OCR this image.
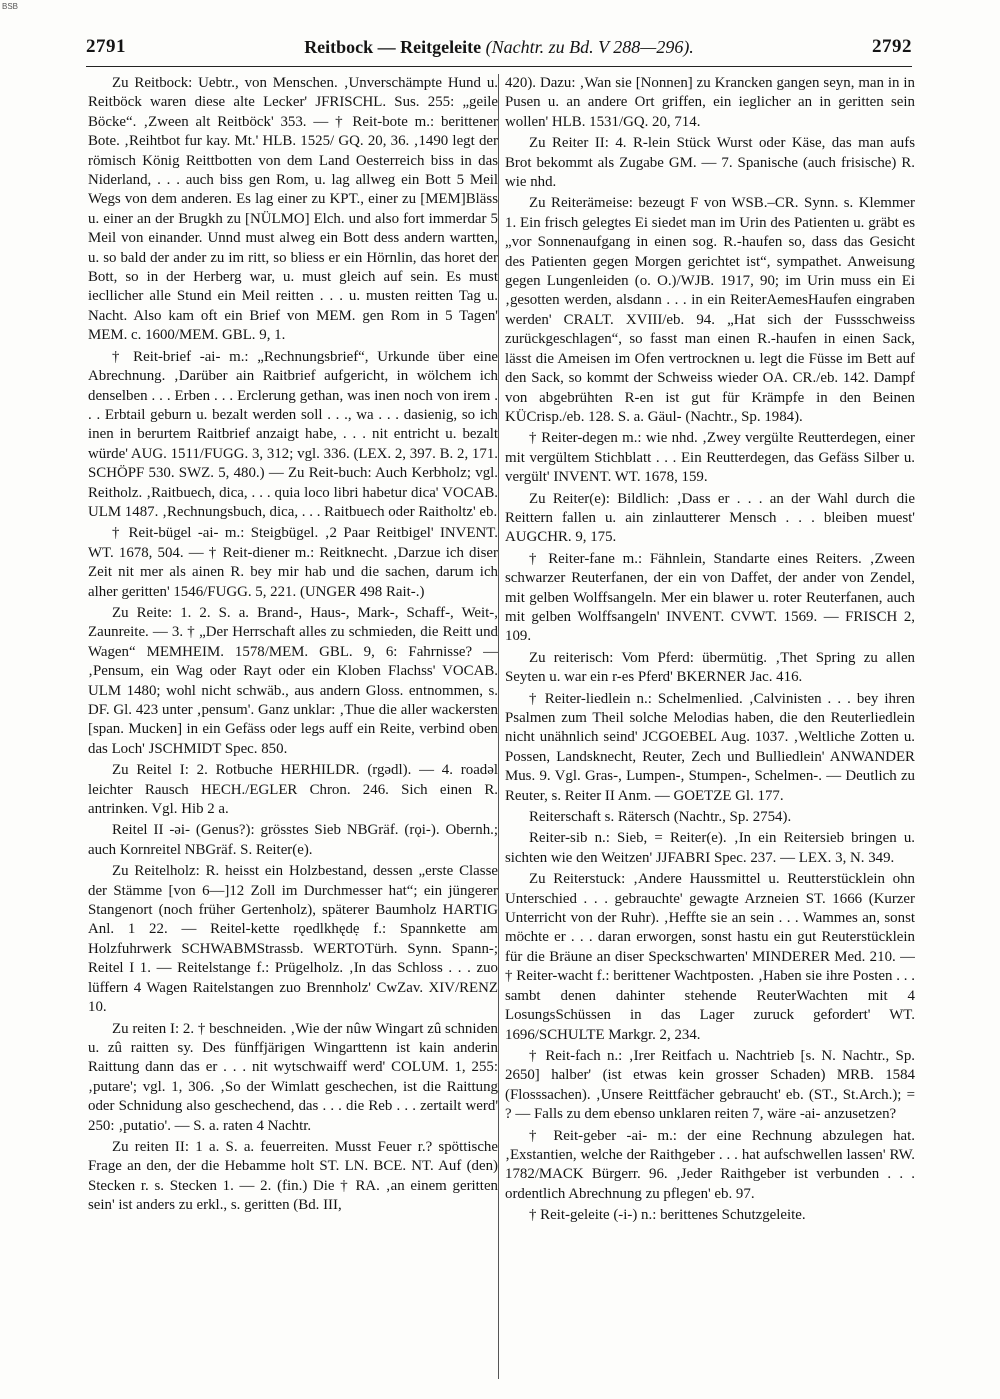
BSB
2791	Reitbock — Reitgeleite (Nachtr. zu Bd. V 288—296).	2792

Zu Reitbock: Uebtr., von Menschen. ‚Unverschämpte Hund u. Reitböck waren diese alte Lecker' JFRISCHL. Sus. 255: „geile Böcke“. ‚Zween alt Reitböck' 353. — † Reit-bote m.: berittener Bote. ‚Reihtbot fur kay. Mt.' HLB. 1525/ GQ. 20, 36. ‚1490 legt der römisch König Reittbotten von dem Land Oesterreich biss in das Niderland, . . . auch biss gen Rom, u. lag allweg ein Bott 5 Meil Wegs von dem anderen. Es lag einer zu KPT., einer zu [MEM]Bläss u. einer an der Brugkh zu [NÜLMO] Elch. und also fort immerdar 5 Meil von einander. Unnd must alweg ein Bott dess andern wartten, u. so bald der ander zu im ritt, so bliess er ein Hörnlin, das horet der Bott, so in der Herberg war, u. must gleich auf sein. Es must iecllicher alle Stund ein Meil reitten . . . u. musten reitten Tag u. Nacht. Also kam oft ein Brief von MEM. gen Rom in 5 Tagen' MEM. c. 1600/MEM. GBL. 9, 1.

† Reit-brief -ai- m.: „Rechnungsbrief“, Urkunde über eine Abrechnung. ‚Darüber ain Raitbrief aufgericht, in wölchem ich denselben . . . Erben . . . Erclerung gethan, was inen noch von irem . . . Erbtail geburn u. bezalt werden soll . . ., wa . . . dasienig, so ich inen in berurtem Raitbrief anzaigt habe, . . . nit entricht u. bezalt würde' AUG. 1511/FUGG. 3, 312; vgl. 336. (LEX. 2, 397. B. 2, 171. SCHÖPF 530. SWZ. 5, 480.) — Zu Reit-buch: Auch Kerbholz; vgl. Reitholz. ‚Raitbuech, dica, . . . quia loco libri habetur dica' VOCAB. ULM 1487. ‚Rechnungsbuch, dica, . . . Raitbuech oder Raitholtz' eb.

† Reit-bügel -ai- m.: Steigbügel. ‚2 Paar Reitbigel' INVENT. WT. 1678, 504. — † Reit-diener m.: Reitknecht. ‚Darzue ich diser Zeit nit mer als ainen R. bey mir hab und die sachen, darum ich alher geritten' 1546/FUGG. 5, 221. (UNGER 498 Rait-.)

Zu Reite: 1. 2. S. a. Brand-, Haus-, Mark-, Schaff-, Weit-, Zaunreite. — 3. † „Der Herrschaft alles zu schmieden, die Reitt und Wagen“ MEMHEIM. 1578/MEM. GBL. 9, 6: Fahrnisse? — ‚Pensum, ein Wag oder Rayt oder ein Kloben Flachss' VOCAB. ULM 1480; wohl nicht schwäb., aus andern Gloss. entnommen, s. DF. Gl. 423 unter ‚pensum'. Ganz unklar: ‚Thue die aller wackersten [span. Mucken] in ein Gefäss oder legs auff ein Reite, verbind oben das Loch' JSCHMIDT Spec. 850.

Zu Reitel I: 2. Rotbuche HERHILDR. (rgədl). — 4. roadəl leichter Rausch HECH./EGLER Chron. 246. Sich einen R. antrinken. Vgl. Hib 2 a.

Reitel II -əi- (Genus?): grösstes Sieb NBGräf. (rǫi-). Obernh.; auch Kornreitel NBGräf. S. Reiter(e).

Zu Reitelholz: R. heisst ein Holzbestand, dessen „erste Classe der Stämme [von 6—]12 Zoll im Durchmesser hat“; ein jüngerer Stangenort (noch früher Gertenholz), späterer Baumholz HARTIG Anl. 1 22. — Reitel-kette rǫedlkhędẹ f.: Spannkette am Holzfuhrwerk SCHWABMStrassb. WERTOTürh. Synn. Spann-; Reitel I 1. — Reitelstange f.: Prügelholz. ‚In das Schloss . . . zuo lüffern 4 Wagen Raitelstangen zuo Brennholz' CwZav. XIV/RENZ 10.

Zu reiten I: 2. † beschneiden. ‚Wie der nûw Wingart zû schniden u. zû raitten sy. Des fünffjärigen Wingarttenn ist kain anderin Raittung dann das er . . . nit wytschwaiff werd' COLUM. 1, 255: ‚putare'; vgl. 1, 306. ‚So der Wimlatt geschechen, ist die Raittung oder Schnidung also geschechend, das . . . die Reb . . . zertailt werd' 250: ‚putatio'. — S. a. raten 4 Nachtr.

Zu reiten II: 1 a. S. a. feuerreiten. Musst Feuer r.? spöttische Frage an den, der die Hebamme holt ST. LN. BCE. NT. Auf (den) Stecken r. s. Stecken 1. — 2. (fin.) Die † RA. ‚an einem geritten sein' ist anders zu erkl., s. geritten (Bd. III,

420). Dazu: ‚Wan sie [Nonnen] zu Krancken gangen seyn, man in in Pusen u. an andere Ort griffen, ein ieglicher an in geritten sein wollen' HLB. 1531/GQ. 20, 714.

Zu Reiter II: 4. R-lein Stück Wurst oder Käse, das man aufs Brot bekommt als Zugabe GM. — 7. Spanische (auch frisische) R. wie nhd.

Zu Reiterämeise: bezeugt F von WSB.–CR. Synn. s. Klemmer 1. Ein frisch gelegtes Ei siedet man im Urin des Patienten u. gräbt es „vor Sonnenaufgang in einen sog. R.-haufen so, dass das Gesicht des Patienten gegen Morgen gerichtet ist“, sympathet. Anweisung gegen Lungenleiden (o. O.)/WJB. 1917, 90; im Urin muss ein Ei ‚gesotten werden, alsdann . . . in ein ReiterAemesHaufen eingraben werden' CRALT. XVIII/eb. 94. „Hat sich der Fussschweiss zurückgeschlagen“, so fasst man einen R.-haufen in einen Sack, lässt die Ameisen im Ofen vertrocknen u. legt die Füsse im Bett auf den Sack, so kommt der Schweiss wieder OA. CR./eb. 142. Dampf von abgebrühten R-en ist gut für Krämpfe in den Beinen KÜCrisp./eb. 128. S. a. Gäul- (Nachtr., Sp. 1984).

† Reiter-degen m.: wie nhd. ‚Zwey vergülte Reutterdegen, einer mit vergültem Stichblatt . . . Ein Reutterdegen, das Gefäss Silber u. vergült' INVENT. WT. 1678, 159.

Zu Reiter(e): Bildlich: ‚Dass er . . . an der Wahl durch die Reittern fallen u. ain zinlautterer Mensch . . . bleiben muest' AUGCHR. 9, 175.

† Reiter-fane m.: Fähnlein, Standarte eines Reiters. ‚Zween schwarzer Reuterfanen, der ein von Daffet, der ander von Zendel, mit gelben Wolffsangeln. Mer ein blawer u. roter Reuterfanen, auch mit gelben Wolffsangeln' INVENT. CVWT. 1569. — FRISCH 2, 109.

Zu reiterisch: Vom Pferd: übermütig. ‚Thet Spring zu allen Seyten u. war ein r-es Pferd' BKERNER Jac. 416.

† Reiter-liedlein n.: Schelmenlied. ‚Calvinisten . . . bey ihren Psalmen zum Theil solche Melodias haben, die den Reuterliedlein nicht unähnlich seind' JCGOEBEL Aug. 1037. ‚Weltliche Zotten u. Possen, Landsknecht, Reuter, Zech und Bulliedlein' ANWANDER Mus. 9. Vgl. Gras-, Lumpen-, Stumpen-, Schelmen-. — Deutlich zu Reuter, s. Reiter II Anm. — GOETZE Gl. 177.

Reiterschaft s. Rätersch (Nachtr., Sp. 2754).

Reiter-sib n.: Sieb, = Reiter(e). ‚In ein Reitersieb bringen u. sichten wie den Weitzen' JJFABRI Spec. 237. — LEX. 3, N. 349.

Zu Reiterstuck: ‚Andere Haussmittel u. Reutterstücklein ohn Unterschied . . . gebrauchte' gewagte Arzneien ST. 1666 (Kurzer Unterricht von der Ruhr). ‚Heffte sie an sein . . . Wammes an, sonst möchte er . . . daran erworgen, sonst hastu ein gut Reuterstücklein für die Bräune an diser Speckschwarten' MINDERER Med. 210. — † Reiter-wacht f.: berittener Wachtposten. ‚Haben sie ihre Posten . . . sambt denen dahinter stehende ReuterWachten mit 4 LosungsSchüssen in das Lager zuruck gefordert' WT. 1696/SCHULTE Markgr. 2, 234.

† Reit-fach n.: ‚Irer Reitfach u. Nachtrieb [s. N. Nachtr., Sp. 2650] halber' (ist etwas kein grosser Schaden) MRB. 1584 (Flosssachen). ‚Unsere Reittfächer gebraucht' eb. (ST., St.Arch.); = ? — Falls zu dem ebenso unklaren reiten 7, wäre -ai- anzusetzen?

† Reit-geber -ai- m.: der eine Rechnung abzulegen hat. ‚Exstantien, welche der Raithgeber . . . hat aufschwellen lassen' RW. 1782/MACK Bürgerr. 96. ‚Jeder Raithgeber ist verbunden . . . ordentlich Abrechnung zu pflegen' eb. 97.

† Reit-geleite (-i-) n.: berittenes Schutzgeleite.
